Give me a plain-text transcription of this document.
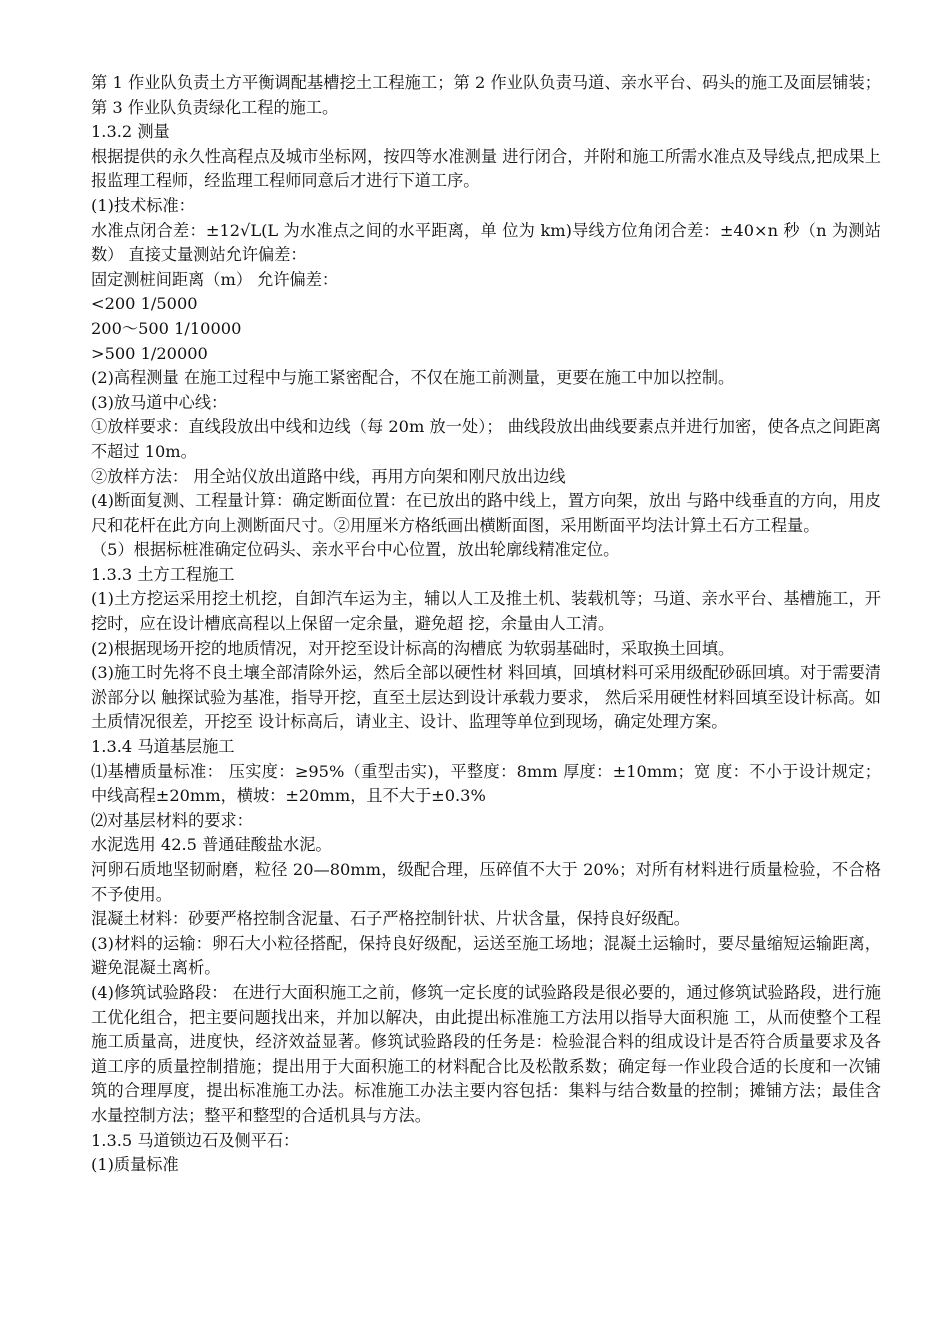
第 1 作业队负责土方平衡调配基槽挖土工程施工；第 2 作业队负责马道、亲水平台、码头的施工及面层铺装；第 3 作业队负责绿化工程的施工。

1.3.2 测量

根据提供的永久性高程点及城市坐标网，按四等水准测量 进行闭合，并附和施工所需水准点及导线点,把成果上报监理工程师，经监理工程师同意后才进行下道工序。

(1)技术标准：

水准点闭合差：±12√L(L 为水准点之间的水平距离，单 位为 km)导线方位角闭合差：±40×n 秒（n 为测站数） 直接丈量测站允许偏差：

固定测桩间距离（m） 允许偏差：

<200 1/5000

200～500 1/10000

>500 1/20000

(2)高程测量 在施工过程中与施工紧密配合，不仅在施工前测量，更要在施工中加以控制。

(3)放马道中心线：

①放样要求：直线段放出中线和边线（每 20m 放一处）； 曲线段放出曲线要素点并进行加密，使各点之间距离不超过 10m。

②放样方法： 用全站仪放出道路中线，再用方向架和刚尺放出边线

(4)断面复测、工程量计算：确定断面位置：在已放出的路中线上，置方向架，放出 与路中线垂直的方向，用皮尺和花杆在此方向上测断面尺寸。②用厘米方格纸画出横断面图，采用断面平均法计算土石方工程量。

（5）根据标桩准确定位码头、亲水平台中心位置，放出轮廓线精准定位。

1.3.3 土方工程施工

(1)土方挖运采用挖土机挖，自卸汽车运为主，辅以人工及推土机、装载机等；马道、亲水平台、基槽施工，开挖时，应在设计槽底高程以上保留一定余量，避免超 挖，余量由人工清。

(2)根据现场开挖的地质情况，对开挖至设计标高的沟槽底 为软弱基础时，采取换土回填。

(3)施工时先将不良土壤全部清除外运，然后全部以硬性材 料回填，回填材料可采用级配砂砾回填。对于需要清淤部分以 触探试验为基准，指导开挖，直至土层达到设计承载力要求， 然后采用硬性材料回填至设计标高。如土质情况很差，开挖至 设计标高后，请业主、设计、监理等单位到现场，确定处理方案。

1.3.4 马道基层施工

⑴基槽质量标准： 压实度：≥95%（重型击实)，平整度：8mm 厚度：±10mm；宽 度：不小于设计规定；中线高程±20mm，横坡：±20mm，且不大于±0.3%

⑵对基层材料的要求：

水泥选用 42.5 普通硅酸盐水泥。

河卵石质地坚韧耐磨，粒径 20—80mm，级配合理，压碎值不大于 20%；对所有材料进行质量检验，不合格不予使用。

混凝土材料：砂要严格控制含泥量、石子严格控制针状、片状含量，保持良好级配。

(3)材料的运输：卵石大小粒径搭配，保持良好级配，运送至施工场地；混凝土运输时，要尽量缩短运输距离，避免混凝土离析。

(4)修筑试验路段： 在进行大面积施工之前，修筑一定长度的试验路段是很必要的，通过修筑试验路段，进行施工优化组合，把主要问题找出来，并加以解决，由此提出标准施工方法用以指导大面积施 工，从而使整个工程施工质量高，进度快，经济效益显著。修筑试验路段的任务是：检验混合料的组成设计是否符合质量要求及各道工序的质量控制措施；提出用于大面积施工的材料配合比及松散系数；确定每一作业段合适的长度和一次铺筑的合理厚度，提出标准施工办法。标准施工办法主要内容包括：集料与结合数量的控制；摊铺方法；最佳含水量控制方法；整平和整型的合适机具与方法。

1.3.5 马道锁边石及侧平石：

(1)质量标准
